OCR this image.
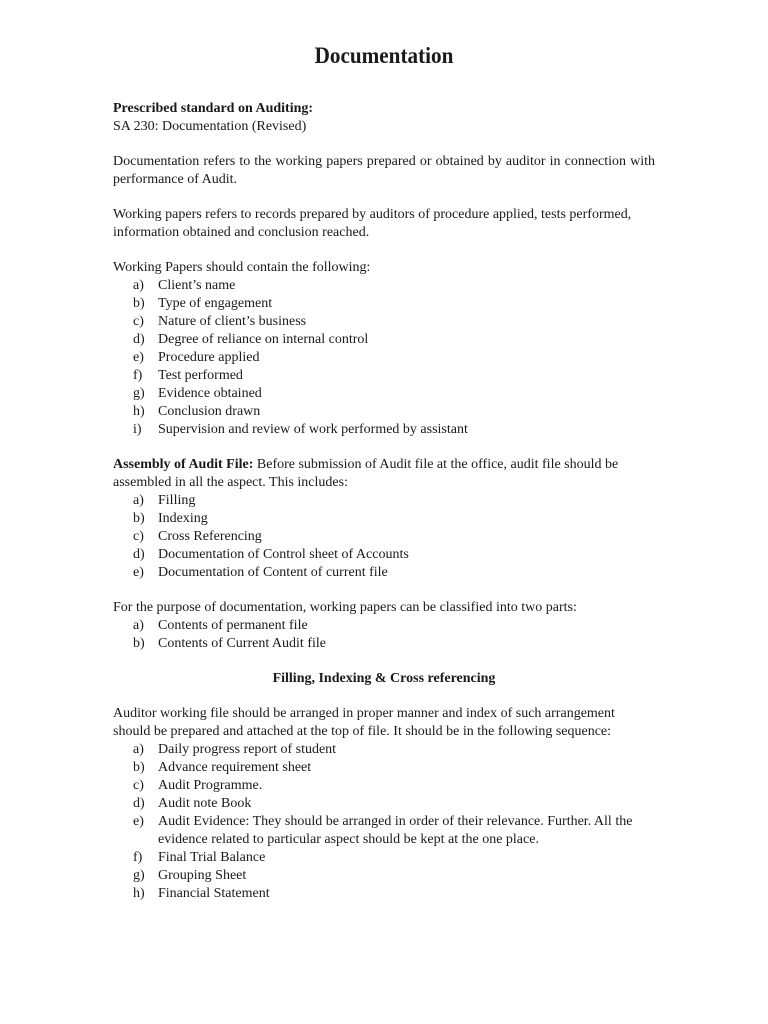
Documentation

Prescribed standard on Auditing:

SA 230: Documentation (Revised)

Documentation refers to the working papers prepared or obtained by auditor in connection with performance of Audit.

Working papers refers to records prepared by auditors of procedure applied, tests performed, information obtained and conclusion reached.

Working Papers should contain the following:

a) Client’s name
b) Type of engagement
c) Nature of client’s business
d) Degree of reliance on internal control
e) Procedure applied
f) Test performed
g) Evidence obtained
h) Conclusion drawn
i) Supervision and review of work performed by assistant

Assembly of Audit File: Before submission of Audit file at the office, audit file should be assembled in all the aspect. This includes:

a) Filling
b) Indexing
c) Cross Referencing
d) Documentation of Control sheet of Accounts
e) Documentation of Content of current file

For the purpose of documentation, working papers can be classified into two parts:

a) Contents of permanent file
b) Contents of Current Audit file

Filling, Indexing & Cross referencing

Auditor working file should be arranged in proper manner and index of such arrangement should be prepared and attached at the top of file. It should be in the following sequence:

a) Daily progress report of student
b) Advance requirement sheet
c) Audit Programme.
d) Audit note Book
e) Audit Evidence: They should be arranged in order of their relevance. Further. All the evidence related to particular aspect should be kept at the one place.
f) Final Trial Balance
g) Grouping Sheet
h) Financial Statement
